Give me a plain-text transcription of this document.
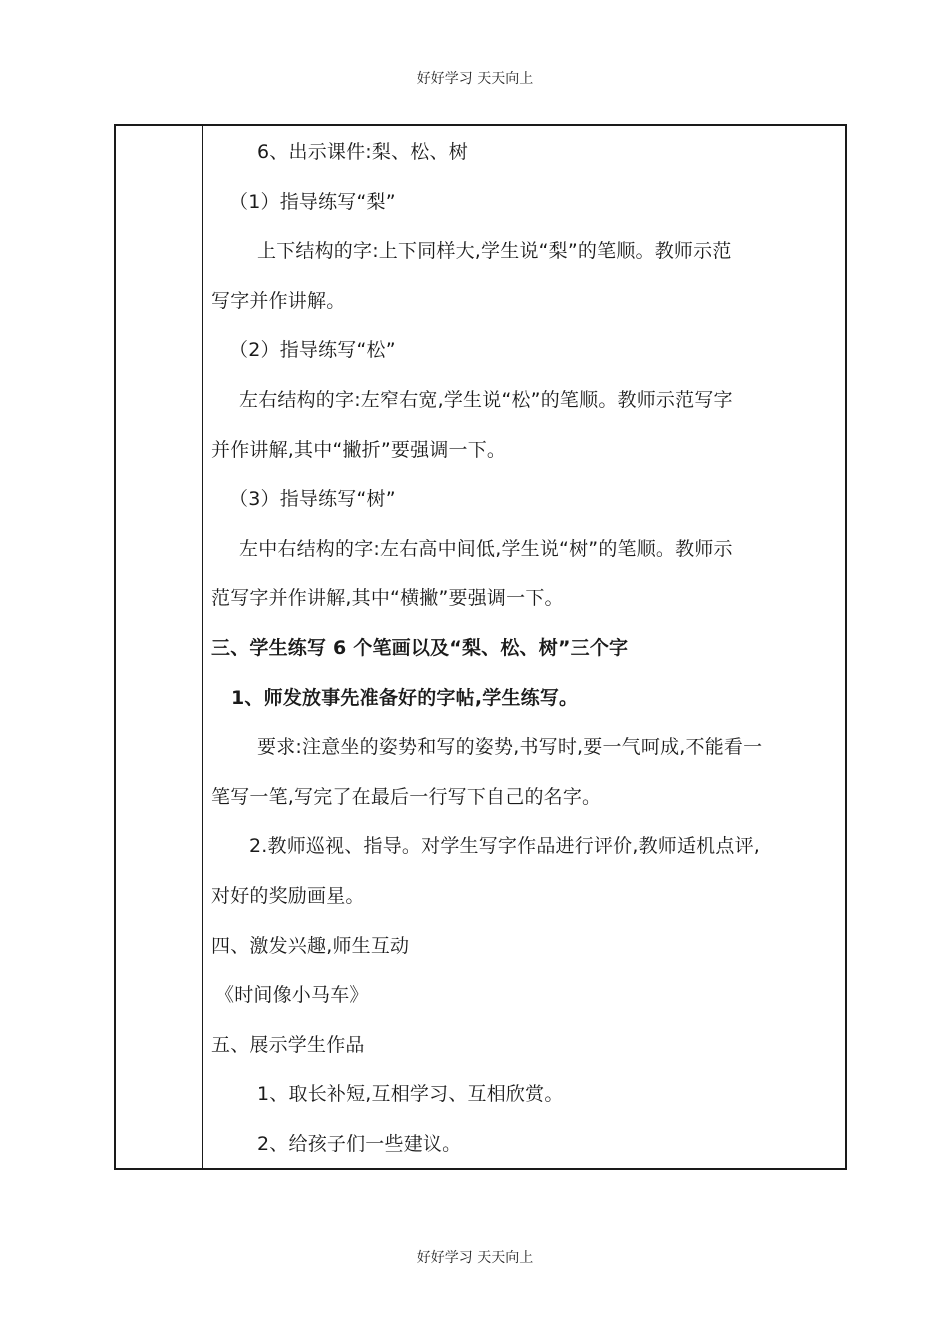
好好学习 天天向上
6、出示课件:梨、松、树
（1）指导练写“梨”
上下结构的字:上下同样大,学生说“梨”的笔顺。教师示范
写字并作讲解。
（2）指导练写“松”
左右结构的字:左窄右宽,学生说“松”的笔顺。教师示范写字
并作讲解,其中“撇折”要强调一下。
（3）指导练写“树”
左中右结构的字:左右高中间低,学生说“树”的笔顺。教师示
范写字并作讲解,其中“横撇”要强调一下。
三、学生练写 6 个笔画以及“梨、松、树”三个字
1、师发放事先准备好的字帖,学生练写。
要求:注意坐的姿势和写的姿势,书写时,要一气呵成,不能看一
笔写一笔,写完了在最后一行写下自己的名字。
2.教师巡视、指导。对学生写字作品进行评价,教师适机点评,
对好的奖励画星。
四、激发兴趣,师生互动
《时间像小马车》
五、展示学生作品
1、取长补短,互相学习、互相欣赏。
2、给孩子们一些建议。
好好学习 天天向上
